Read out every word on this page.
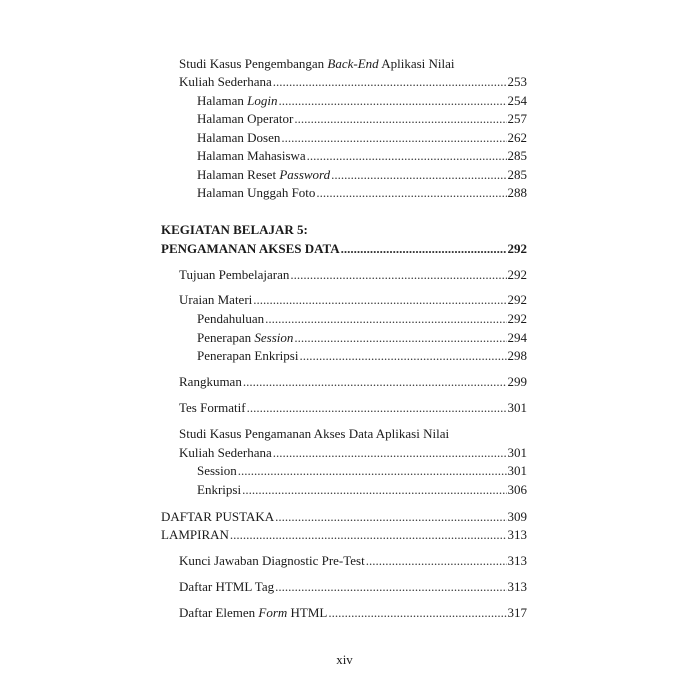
Studi Kasus Pengembangan Back-End Aplikasi Nilai
Kuliah Sederhana .....	253
Halaman Login .....	254
Halaman Operator .....	257
Halaman Dosen .....	262
Halaman Mahasiswa .....	285
Halaman Reset Password .....	285
Halaman Unggah Foto .....	288
KEGIATAN BELAJAR 5:
PENGAMANAN AKSES DATA .....	292
Tujuan Pembelajaran .....	292
Uraian Materi .....	292
Pendahuluan .....	292
Penerapan Session .....	294
Penerapan Enkripsi .....	298
Rangkuman .....	299
Tes Formatif .....	301
Studi Kasus Pengamanan Akses Data Aplikasi Nilai
Kuliah Sederhana .....	301
Session .....	301
Enkripsi .....	306
DAFTAR PUSTAKA .....	309
LAMPIRAN .....	313
Kunci Jawaban Diagnostic Pre-Test .....	313
Daftar HTML Tag .....	313
Daftar Elemen Form HTML .....	317
xiv
